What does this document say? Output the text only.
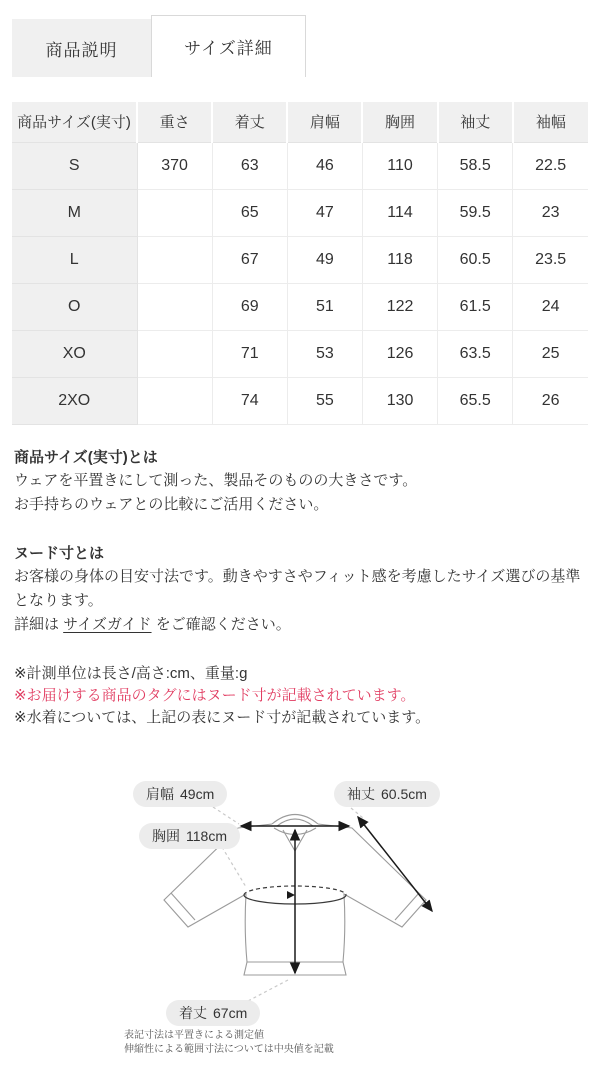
商品説明	サイズ詳細
商品サイズ(実寸)	重さ	着丈	肩幅	胸囲	袖丈	袖幅
S	370	63	46	110	58.5	22.5
M		65	47	114	59.5	23
L		67	49	118	60.5	23.5
O		69	51	122	61.5	24
XO		71	53	126	63.5	25
2XO		74	55	130	65.5	26
商品サイズ(実寸)とは

ウェアを平置きにして測った、製品そのものの大きさです。

お手持ちのウェアとの比較にご活用ください。

ヌード寸とは

お客様の身体の目安寸法です。動きやすさやフィット感を考慮したサイズ選びの基準となります。

詳細は サイズガイド をご確認ください。

※計測単位は長さ/高さ:cm、重量:g

※お届けする商品のタグにはヌード寸が記載されています。

※水着については、上記の表にヌード寸が記載されています。

肩幅 49cm	袖丈 60.5cm
胸囲 118cm
着丈 67cm

表記寸法は平置きによる測定値

伸縮性による範囲寸法については中央値を記載
